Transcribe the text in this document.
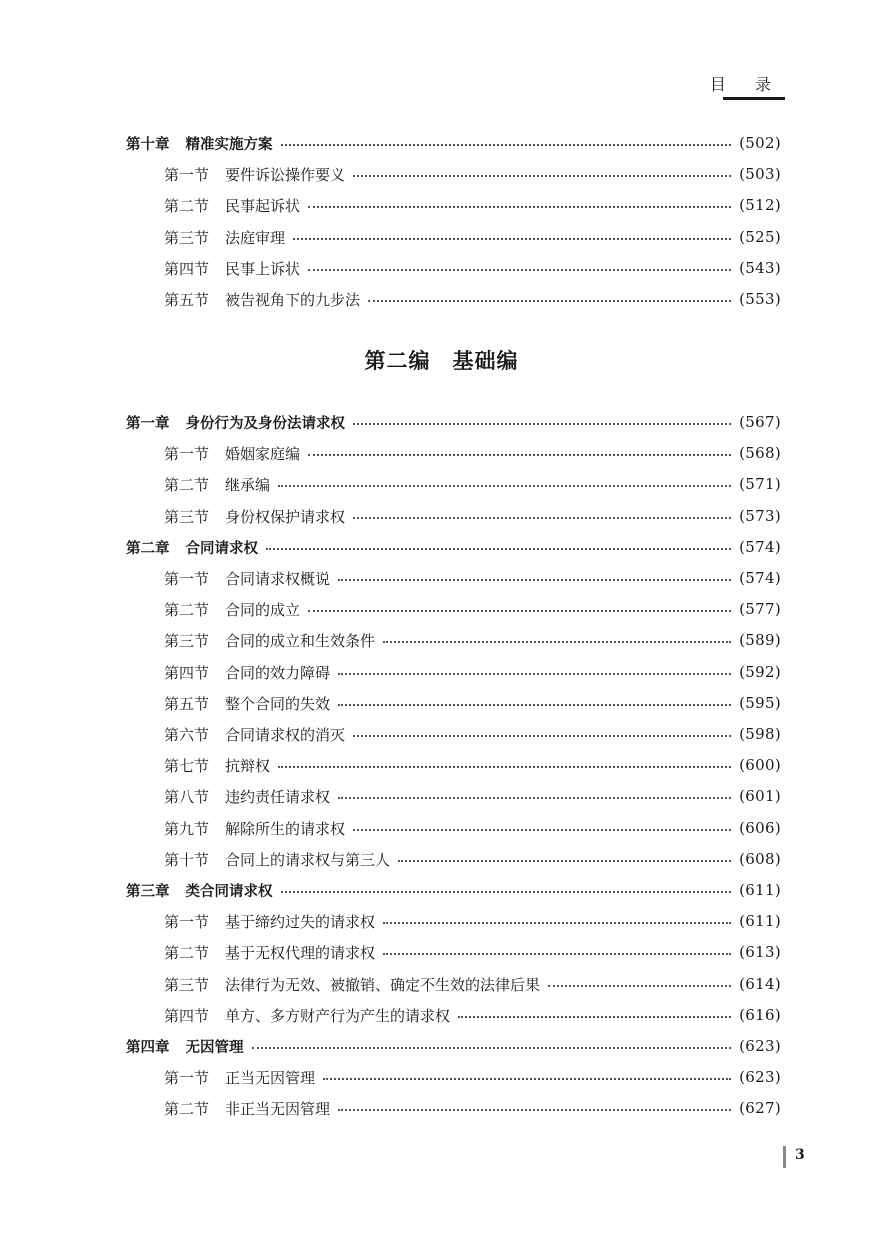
目 录
第十章 精准实施方案	(502)
第一节 要件诉讼操作要义	(503)
第二节 民事起诉状	(512)
第三节 法庭审理	(525)
第四节 民事上诉状	(543)
第五节 被告视角下的九步法	(553)
第一章 身份行为及身份法请求权	(567)
第一节 婚姻家庭编	(568)
第二节 继承编	(571)
第三节 身份权保护请求权	(573)
第二章 合同请求权	(574)
第一节 合同请求权概说	(574)
第二节 合同的成立	(577)
第三节 合同的成立和生效条件	(589)
第四节 合同的效力障碍	(592)
第五节 整个合同的失效	(595)
第六节 合同请求权的消灭	(598)
第七节 抗辩权	(600)
第八节 违约责任请求权	(601)
第九节 解除所生的请求权	(606)
第十节 合同上的请求权与第三人	(608)
第三章 类合同请求权	(611)
第一节 基于缔约过失的请求权	(611)
第二节 基于无权代理的请求权	(613)
第三节 法律行为无效、被撤销、确定不生效的法律后果	(614)
第四节 单方、多方财产行为产生的请求权	(616)
第四章 无因管理	(623)
第一节 正当无因管理	(623)
第二节 非正当无因管理	(627)
第二编 基础编
3
